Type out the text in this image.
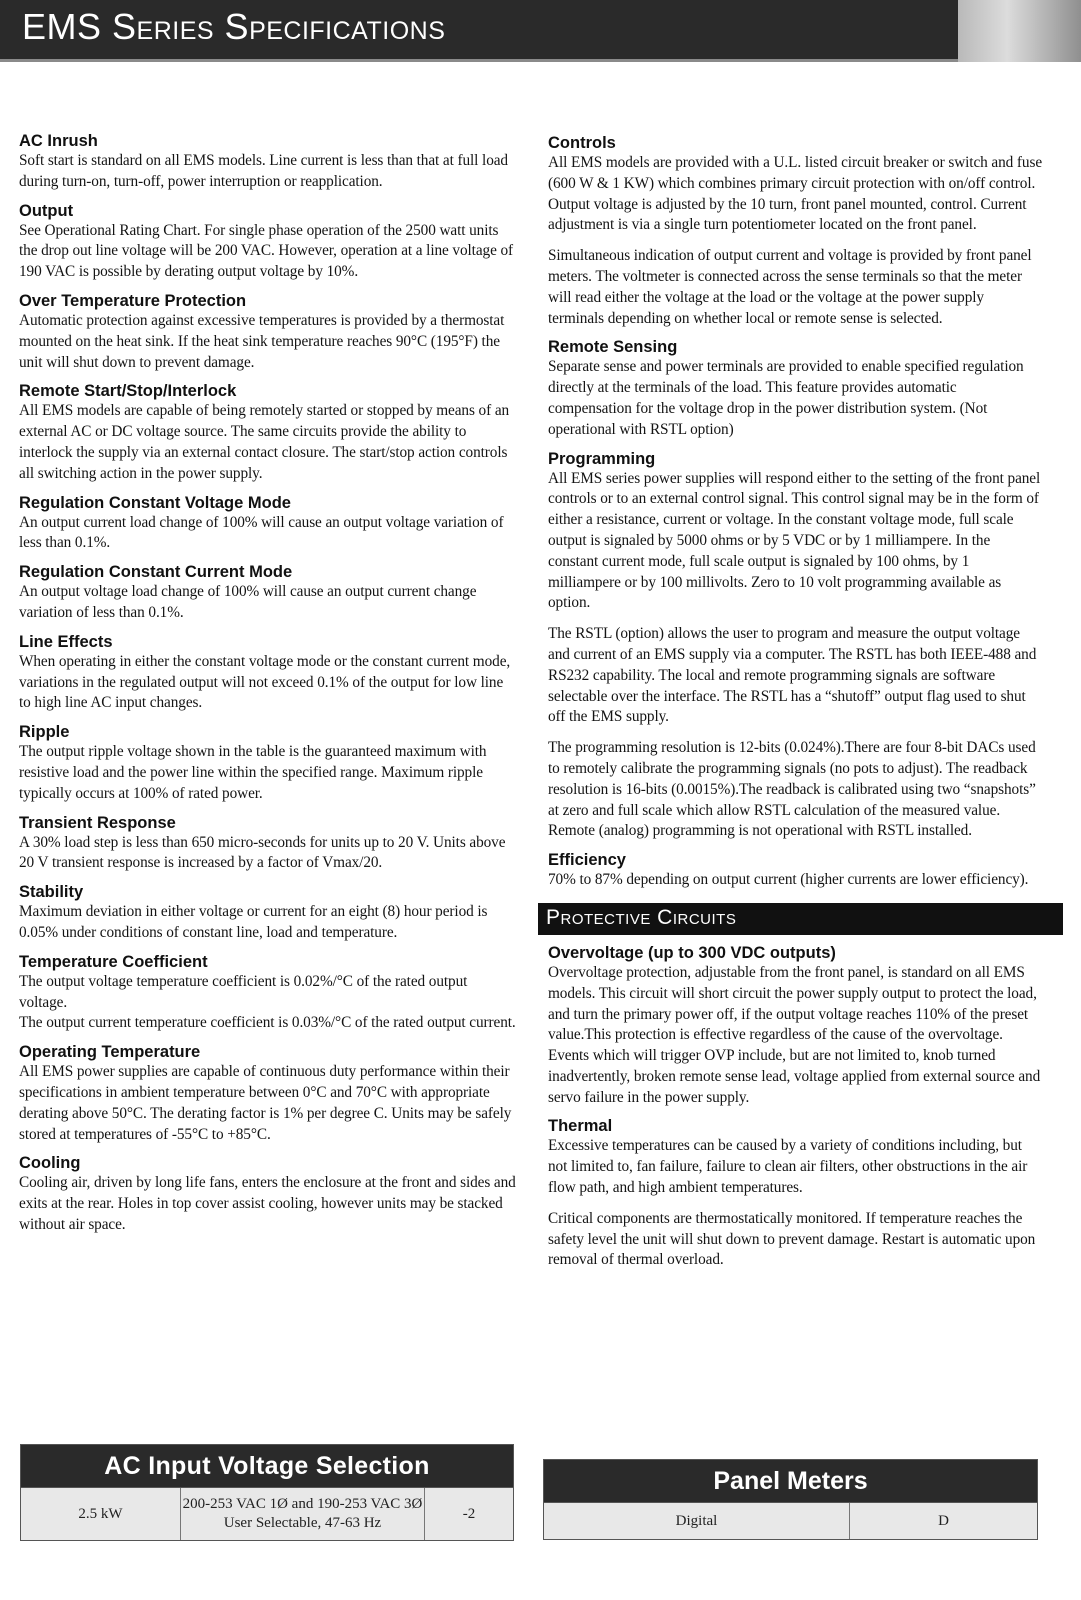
EMS Series Specifications
AC Inrush

Soft start is standard on all EMS models. Line current is less than that at full load during turn-on, turn-off, power interruption or reapplication.

Output

See Operational Rating Chart. For single phase operation of the 2500 watt units the drop out line voltage will be 200 VAC. However, operation at a line voltage of 190 VAC is possible by derating output voltage by 10%.

Over Temperature Protection

Automatic protection against excessive temperatures is provided by a thermostat mounted on the heat sink. If the heat sink temperature reaches 90°C (195°F) the unit will shut down to prevent damage.

Remote Start/Stop/Interlock

All EMS models are capable of being remotely started or stopped by means of an external AC or DC voltage source. The same circuits provide the ability to interlock the supply via an external contact closure. The start/stop action controls all switching action in the power supply.

Regulation Constant Voltage Mode

An output current load change of 100% will cause an output voltage variation of less than 0.1%.

Regulation Constant Current Mode

An output voltage load change of 100% will cause an output current change variation of less than 0.1%.

Line Effects

When operating in either the constant voltage mode or the constant current mode, variations in the regulated output will not exceed 0.1% of the output for low line to high line AC input changes.

Ripple

The output ripple voltage shown in the table is the guaranteed maximum with resistive load and the power line within the specified range. Maximum ripple typically occurs at 100% of rated power.

Transient Response

A 30% load step is less than 650 micro-seconds for units up to 20 V. Units above 20 V transient response is increased by a factor of Vmax/20.

Stability

Maximum deviation in either voltage or current for an eight (8) hour period is 0.05% under conditions of constant line, load and temperature.

Temperature Coefficient

The output voltage temperature coefficient is 0.02%/°C of the rated output voltage.

The output current temperature coefficient is 0.03%/°C of the rated output current.

Operating Temperature

All EMS power supplies are capable of continuous duty performance within their specifications in ambient temperature between 0°C and 70°C with appropriate derating above 50°C. The derating factor is 1% per degree C. Units may be safely stored at temperatures of -55°C to +85°C.

Cooling

Cooling air, driven by long life fans, enters the enclosure at the front and sides and exits at the rear. Holes in top cover assist cooling, however units may be stacked without air space.

Controls

All EMS models are provided with a U.L. listed circuit breaker or switch and fuse (600 W & 1 KW) which combines primary circuit protection with on/off control. Output voltage is adjusted by the 10 turn, front panel mounted, control. Current adjustment is via a single turn potentiometer located on the front panel.

Simultaneous indication of output current and voltage is provided by front panel meters. The voltmeter is connected across the sense terminals so that the meter will read either the voltage at the load or the voltage at the power supply terminals depending on whether local or remote sense is selected.

Remote Sensing

Separate sense and power terminals are provided to enable specified regulation directly at the terminals of the load. This feature provides automatic compensation for the voltage drop in the power distribution system. (Not operational with RSTL option)

Programming

All EMS series power supplies will respond either to the setting of the front panel controls or to an external control signal. This control signal may be in the form of either a resistance, current or voltage. In the constant voltage mode, full scale output is signaled by 5000 ohms or by 5 VDC or by 1 milliampere. In the constant current mode, full scale output is signaled by 100 ohms, by 1 milliampere or by 100 millivolts. Zero to 10 volt programming available as option.

The RSTL (option) allows the user to program and measure the output voltage and current of an EMS supply via a computer. The RSTL has both IEEE-488 and RS232 capability. The local and remote programming signals are software selectable over the interface. The RSTL has a “shutoff” output flag used to shut off the EMS supply.

The programming resolution is 12-bits (0.024%).There are four 8-bit DACs used to remotely calibrate the programming signals (no pots to adjust). The readback resolution is 16-bits (0.0015%).The readback is calibrated using two “snapshots” at zero and full scale which allow RSTL calculation of the measured value. Remote (analog) programming is not operational with RSTL installed.

Efficiency

70% to 87% depending on output current (higher currents are lower efficiency).

Protective Circuits
Overvoltage (up to 300 VDC outputs)

Overvoltage protection, adjustable from the front panel, is standard on all EMS models. This circuit will short circuit the power supply output to protect the load, and turn the primary power off, if the output voltage reaches 110% of the preset value.This protection is effective regardless of the cause of the overvoltage. Events which will trigger OVP include, but are not limited to, knob turned inadvertently, broken remote sense lead, voltage applied from external source and servo failure in the power supply.

Thermal

Excessive temperatures can be caused by a variety of conditions including, but not limited to, fan failure, failure to clean air filters, other obstructions in the air flow path, and high ambient temperatures.

Critical components are thermostatically monitored. If temperature reaches the safety level the unit will shut down to prevent damage. Restart is automatic upon removal of thermal overload.

AC Input Voltage Selection
2.5 kW
200-253 VAC 1Ø and 190-253 VAC 3Ø
User Selectable, 47-63 Hz
-2
Panel Meters
Digital	D
